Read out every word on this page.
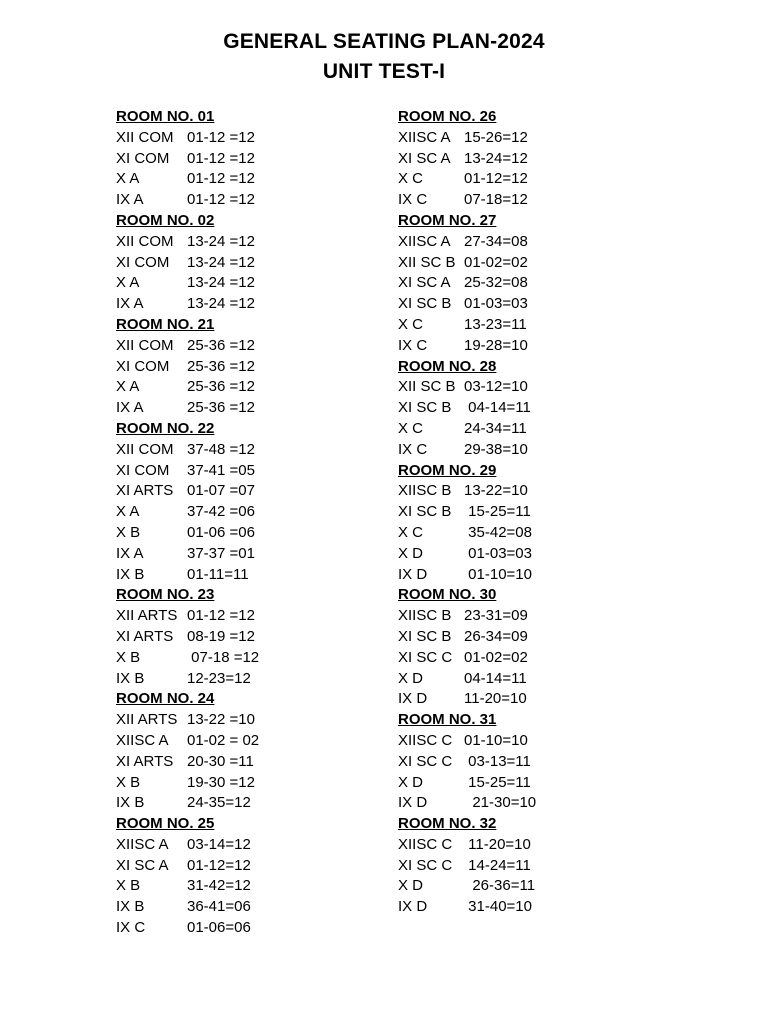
GENERAL SEATING PLAN-2024
UNIT TEST-I
ROOM NO. 01
XII COM 01-12 =12
XI COM	01-12 =12
X A	01-12 =12
IX A	01-12 =12
ROOM NO. 02
XII COM 13-24 =12
XI COM	13-24 =12
X A	13-24 =12
IX A	13-24 =12
ROOM NO. 21
XII COM 25-36 =12
XI COM	25-36 =12
X A	25-36 =12
IX A	25-36 =12
ROOM NO. 22
XII COM 37-48 =12
XI COM	37-41 =05
XI ARTS 01-07 =07
X A	37-42 =06
X B	01-06 =06
IX A	37-37 =01
IX B	01-11=11
ROOM NO. 23
XII ARTS 01-12 =12
XI ARTS 08-19 =12
X B	07-18 =12
IX B	12-23=12
ROOM NO. 24
XII ARTS 13-22 =10
XIISC A	01-02 = 02
XI ARTS 20-30 =11
X B	19-30 =12
IX B	24-35=12
ROOM NO. 25
XIISC A	03-14=12
XI SC A	01-12=12
X B	31-42=12
IX B	36-41=06
IX C	01-06=06
ROOM NO. 26
XIISC A 15-26=12
XI SC A 13-24=12
X C	01-12=12
IX C	07-18=12
ROOM NO. 27
XIISC A 27-34=08
XII SC B 01-02=02
XI SC A 25-32=08
XI SC B 01-03=03
X C	13-23=11
IX C	19-28=10
ROOM NO. 28
XII SC B 03-12=10
XI SC B 04-14=11
X C	24-34=11
IX C	29-38=10
ROOM NO. 29
XIISC B 13-22=10
XI SC B 15-25=11
X C	35-42=08
X D	01-03=03
IX D	01-10=10
ROOM NO. 30
XIISC B 23-31=09
XI SC B 26-34=09
XI SC C 01-02=02
X D	04-14=11
IX D	11-20=10
ROOM NO. 31
XIISC C 01-10=10
XI SC C 03-13=11
X D	15-25=11
IX D	21-30=10
ROOM NO. 32
XIISC C 11-20=10
XI SC C 14-24=11
X D	26-36=11
IX D	31-40=10
